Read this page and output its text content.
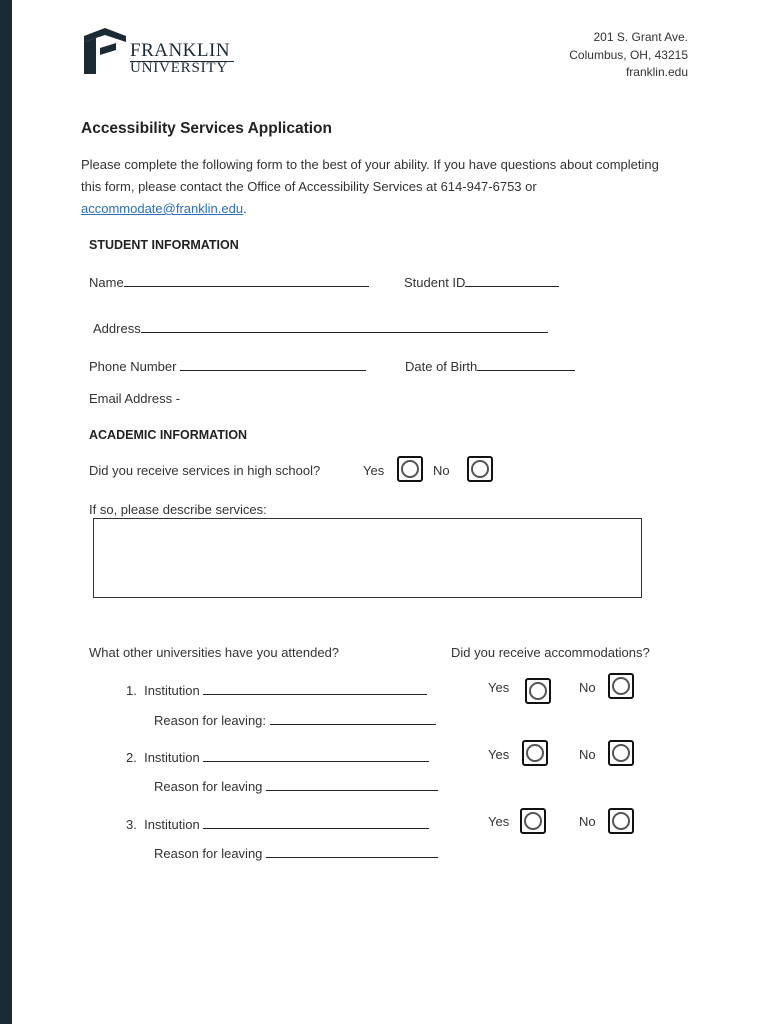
FRANKLIN
UNIVERSITY
201 S. Grant Ave.
Columbus, OH, 43215
franklin.edu
Accessibility Services Application
Please complete the following form to the best of your ability. If you have questions about completing this form, please contact the Office of Accessibility Services at 614-947-6753 or accommodate@franklin.edu.
STUDENT INFORMATION
Name	Student ID
Address
Phone Number	Date of Birth
Email Address -
ACADEMIC INFORMATION
Did you receive services in high school?	Yes	No
If so, please describe services:
What other universities have you attended?	Did you receive accommodations?
1. Institution	Yes	No
Reason for leaving:
2. Institution	Yes	No
Reason for leaving
3. Institution	Yes	No
Reason for leaving
